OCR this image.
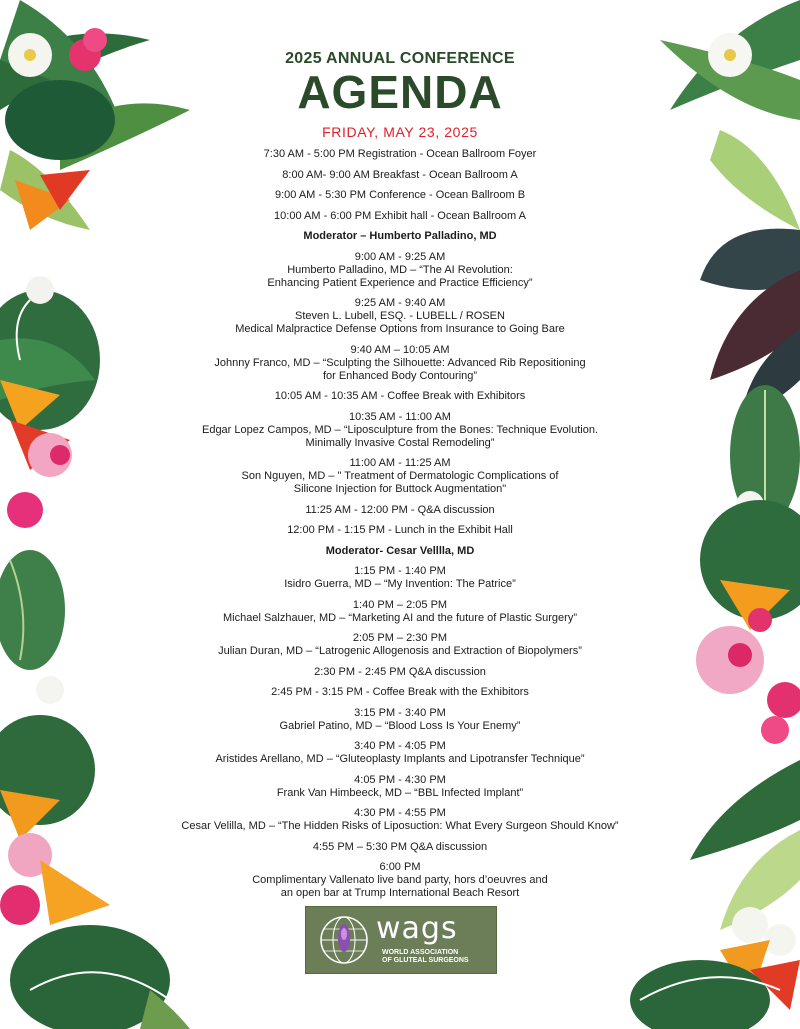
2025 ANNUAL CONFERENCE
AGENDA
FRIDAY, MAY 23, 2025
7:30 AM - 5:00 PM Registration - Ocean Ballroom Foyer
8:00 AM- 9:00 AM Breakfast - Ocean Ballroom A
9:00 AM - 5:30 PM Conference - Ocean Ballroom B
10:00 AM - 6:00 PM Exhibit hall - Ocean Ballroom A
Moderator – Humberto Palladino, MD
9:00 AM - 9:25 AM
Humberto Palladino, MD – “The AI Revolution:
Enhancing Patient Experience and Practice Efficiency”
9:25 AM - 9:40 AM
Steven L. Lubell, ESQ. - LUBELL / ROSEN
Medical Malpractice Defense Options from Insurance to Going Bare
9:40 AM – 10:05 AM
Johnny Franco, MD – “Sculpting the Silhouette: Advanced Rib Repositioning
for Enhanced Body Contouring”
10:05 AM - 10:35 AM - Coffee Break with Exhibitors
10:35 AM - 11:00 AM
Edgar Lopez Campos, MD – “Liposculpture from the Bones: Technique Evolution.
Minimally Invasive Costal Remodeling”
11:00 AM - 11:25 AM
Son Nguyen, MD – " Treatment of Dermatologic Complications of
Silicone Injection for Buttock Augmentation"
11:25 AM - 12:00 PM - Q&A discussion
12:00 PM - 1:15 PM - Lunch in the Exhibit Hall
Moderator- Cesar Velllla, MD
1:15 PM - 1:40 PM
Isidro Guerra, MD – “My Invention: The Patrice”
1:40 PM – 2:05 PM
Michael Salzhauer, MD – “Marketing AI and the future of Plastic Surgery”
2:05 PM – 2:30 PM
Julian Duran, MD – “Latrogenic Allogenosis and Extraction of Biopolymers”
2:30 PM - 2:45 PM Q&A discussion
2:45 PM - 3:15 PM - Coffee Break with the Exhibitors
3:15 PM - 3:40 PM
Gabriel Patino, MD – “Blood Loss Is Your Enemy”
3:40 PM - 4:05 PM
Aristides Arellano, MD – “Gluteoplasty Implants and Lipotransfer Technique”
4:05 PM - 4:30 PM
Frank Van Himbeeck, MD – “BBL Infected Implant”
4:30 PM - 4:55 PM
Cesar Velilla, MD – “The Hidden Risks of Liposuction: What Every Surgeon Should Know”
4:55 PM – 5:30 PM Q&A discussion
6:00 PM
Complimentary Vallenato live band party, hors d’oeuvres and
an open bar at Trump International Beach Resort
wags
WORLD ASSOCIATION
OF GLUTEAL SURGEONS
